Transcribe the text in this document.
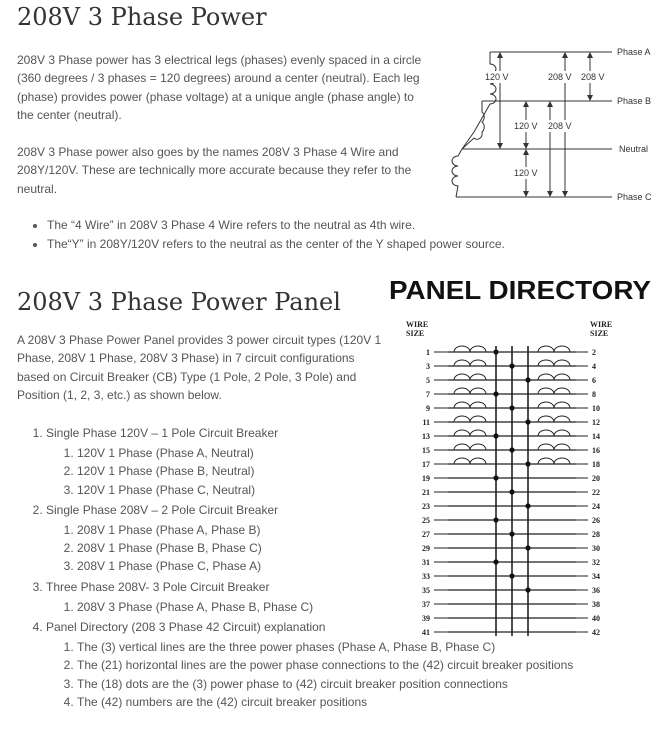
208V 3 Phase Power

208V 3 Phase power has 3 electrical legs (phases) evenly spaced in a circle (360 degrees / 3 phases = 120 degrees) around a center (neutral). Each leg (phase) provides power (phase voltage) at a unique angle (phase angle) to the center (neutral).

208V 3 Phase power also goes by the names 208V 3 Phase 4 Wire and 208Y/120V. These are technically more accurate because they refer to the neutral.

• The “4 Wire” in 208V 3 Phase 4 Wire refers to the neutral as 4th wire.
• The“Y” in 208Y/120V refers to the neutral as the center of the Y shaped power source.
120 V	208 V 208 V
120 V 208 V
120 V
Phase A
Phase B
Neutral
Phase C
208V 3 Phase Power Panel

A 208V 3 Phase Power Panel provides 3 power circuit types (120V 1 Phase, 208V 1 Phase, 208V 3 Phase) in 7 circuit configurations based on Circuit Breaker (CB) Type (1 Pole, 2 Pole, 3 Pole) and Position (1, 2, 3, etc.) as shown below.

1. Single Phase 120V – 1 Pole Circuit Breaker
1. 120V 1 Phase (Phase A, Neutral)
2. 120V 1 Phase (Phase B, Neutral)
3. 120V 1 Phase (Phase C, Neutral)
2. Single Phase 208V – 2 Pole Circuit Breaker
1. 208V 1 Phase (Phase A, Phase B)
2. 208V 1 Phase (Phase B, Phase C)
3. 208V 1 Phase (Phase C, Phase A)
3. Three Phase 208V- 3 Pole Circuit Breaker
1. 208V 3 Phase (Phase A, Phase B, Phase C)
4. Panel Directory (208 3 Phase 42 Circuit) explanation
1. The (3) vertical lines are the three power phases (Phase A, Phase B, Phase C)
2. The (21) horizontal lines are the power phase connections to the (42) circuit breaker positions
3. The (18) dots are the (3) power phase to (42) circuit breaker position connections
4. The (42) numbers are the (42) circuit breaker positions
PANEL DIRECTORY
WIRE
SIZE
WIRE
SIZE
1	2
3	4
5	6
7	8
9	10
11	12
13	14
15	16
17	18
19	20
21	22
23	24
25	26
27	28
29	30
31	32
33	34
35	36
37	38
39	40
41	42
